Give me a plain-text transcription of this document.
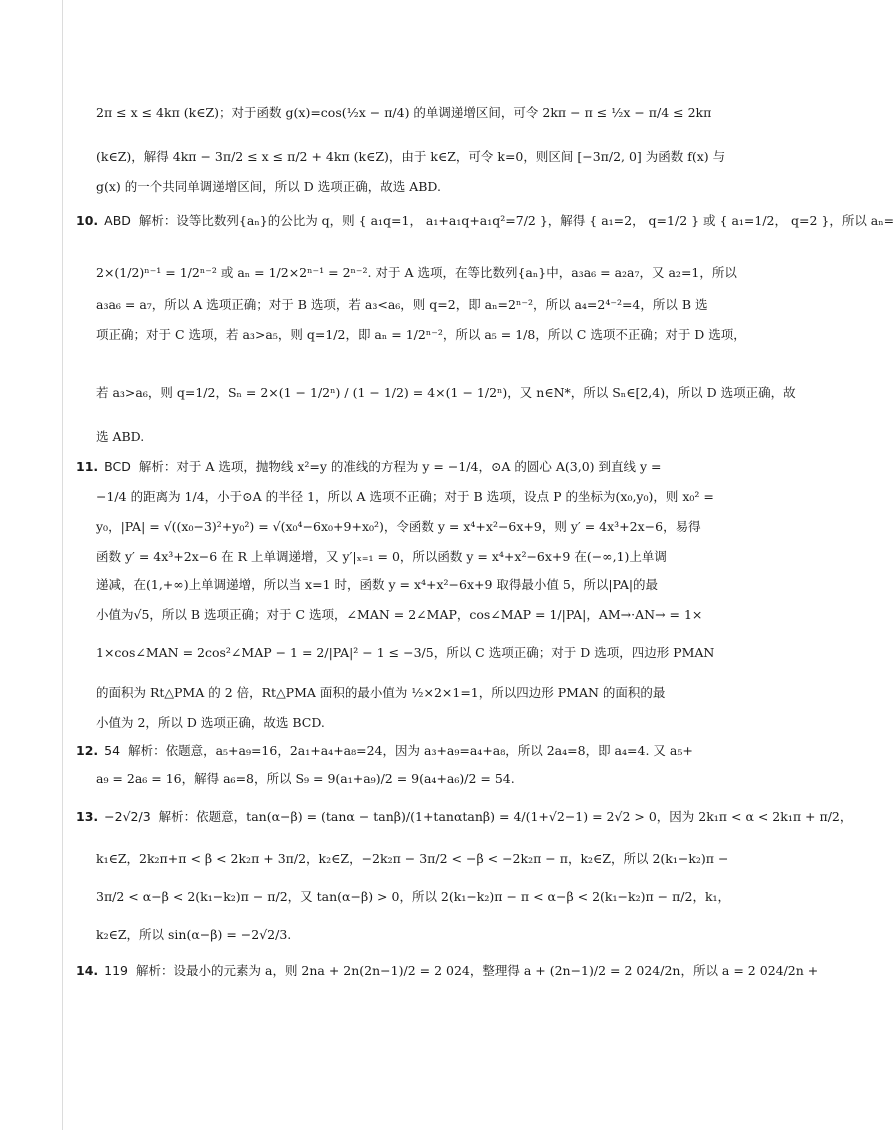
2π ≤ x ≤ 4kπ (k∈Z)；对于函数 g(x)=cos(½x − π/4) 的单调递增区间，可令 2kπ − π ≤ ½x − π/4 ≤ 2kπ
(k∈Z)，解得 4kπ − 3π/2 ≤ x ≤ π/2 + 4kπ (k∈Z)，由于 k∈Z，可令 k=0，则区间 [−3π/2, 0] 为函数 f(x) 与
g(x) 的一个共同单调递增区间，所以 D 选项正确，故选 ABD.
10. ABD 解析：设等比数列{aₙ}的公比为 q，则 { a₁q=1， a₁+a₁q+a₁q²=7/2 }，解得 { a₁=2， q=1/2 } 或 { a₁=1/2， q=2 }，所以 aₙ=
2×(1/2)ⁿ⁻¹ = 1/2ⁿ⁻² 或 aₙ = 1/2×2ⁿ⁻¹ = 2ⁿ⁻². 对于 A 选项，在等比数列{aₙ}中，a₃a₆ = a₂a₇，又 a₂=1，所以
a₃a₆ = a₇，所以 A 选项正确；对于 B 选项，若 a₃<a₆，则 q=2，即 aₙ=2ⁿ⁻²，所以 a₄=2⁴⁻²=4，所以 B 选
项正确；对于 C 选项，若 a₃>a₅，则 q=1/2，即 aₙ = 1/2ⁿ⁻²，所以 a₅ = 1/8，所以 C 选项不正确；对于 D 选项，
若 a₃>a₆，则 q=1/2，Sₙ = 2×(1 − 1/2ⁿ) / (1 − 1/2) = 4×(1 − 1/2ⁿ)，又 n∈N*，所以 Sₙ∈[2,4)，所以 D 选项正确，故
选 ABD.
11. BCD 解析：对于 A 选项，抛物线 x²=y 的准线的方程为 y = −1/4，⊙A 的圆心 A(3,0) 到直线 y =
−1/4 的距离为 1/4，小于⊙A 的半径 1，所以 A 选项不正确；对于 B 选项，设点 P 的坐标为(x₀,y₀)，则 x₀² =
y₀，|PA| = √((x₀−3)²+y₀²) = √(x₀⁴−6x₀+9+x₀²)，令函数 y = x⁴+x²−6x+9，则 y′ = 4x³+2x−6，易得
函数 y′ = 4x³+2x−6 在 R 上单调递增，又 y′|ₓ₌₁ = 0，所以函数 y = x⁴+x²−6x+9 在(−∞,1)上单调
递减，在(1,+∞)上单调递增，所以当 x=1 时，函数 y = x⁴+x²−6x+9 取得最小值 5，所以|PA|的最
小值为√5，所以 B 选项正确；对于 C 选项，∠MAN = 2∠MAP，cos∠MAP = 1/|PA|，AM→·AN→ = 1×
1×cos∠MAN = 2cos²∠MAP − 1 = 2/|PA|² − 1 ≤ −3/5，所以 C 选项正确；对于 D 选项，四边形 PMAN
的面积为 Rt△PMA 的 2 倍，Rt△PMA 面积的最小值为 ½×2×1=1，所以四边形 PMAN 的面积的最
小值为 2，所以 D 选项正确，故选 BCD.
12. 54 解析：依题意，a₅+a₉=16，2a₁+a₄+a₈=24，因为 a₃+a₉=a₄+a₈，所以 2a₄=8，即 a₄=4. 又 a₅+
a₉ = 2a₆ = 16，解得 a₆=8，所以 S₉ = 9(a₁+a₉)/2 = 9(a₄+a₆)/2 = 54.
13. −2√2/3 解析：依题意，tan(α−β) = (tanα − tanβ)/(1+tanαtanβ) = 4/(1+√2−1) = 2√2 > 0，因为 2k₁π < α < 2k₁π + π/2，
k₁∈Z，2k₂π+π < β < 2k₂π + 3π/2，k₂∈Z，−2k₂π − 3π/2 < −β < −2k₂π − π，k₂∈Z，所以 2(k₁−k₂)π −
3π/2 < α−β < 2(k₁−k₂)π − π/2，又 tan(α−β) > 0，所以 2(k₁−k₂)π − π < α−β < 2(k₁−k₂)π − π/2，k₁，
k₂∈Z，所以 sin(α−β) = −2√2/3.
14. 119 解析：设最小的元素为 a，则 2na + 2n(2n−1)/2 = 2 024，整理得 a + (2n−1)/2 = 2 024/2n，所以 a = 2 024/2n +
